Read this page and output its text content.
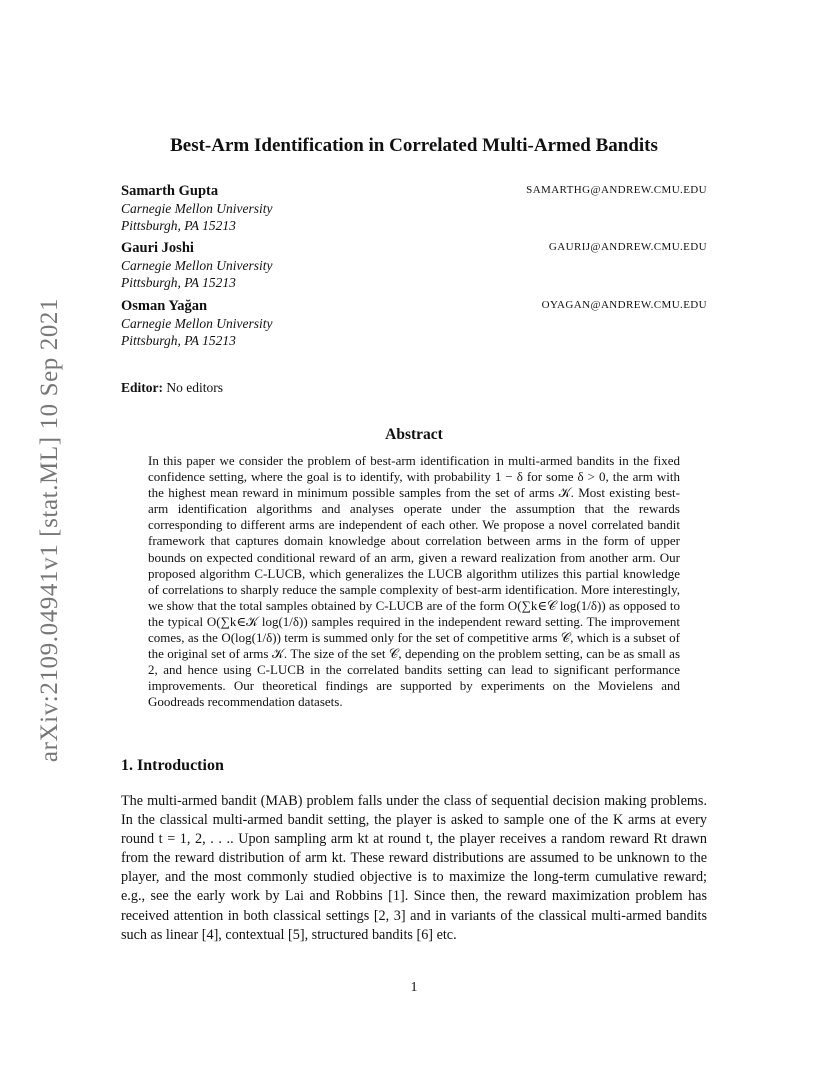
arXiv:2109.04941v1 [stat.ML] 10 Sep 2021
Best-Arm Identification in Correlated Multi-Armed Bandits
Samarth Gupta	SAMARTHG@ANDREW.CMU.EDU
Carnegie Mellon University
Pittsburgh, PA 15213
Gauri Joshi	GAURIJ@ANDREW.CMU.EDU
Carnegie Mellon University
Pittsburgh, PA 15213
Osman Yağan	OYAGAN@ANDREW.CMU.EDU
Carnegie Mellon University
Pittsburgh, PA 15213
Editor: No editors
Abstract
In this paper we consider the problem of best-arm identification in multi-armed bandits in the fixed confidence setting, where the goal is to identify, with probability 1 − δ for some δ > 0, the arm with the highest mean reward in minimum possible samples from the set of arms 𝒦. Most existing best-arm identification algorithms and analyses operate under the assumption that the rewards corresponding to different arms are independent of each other. We propose a novel correlated bandit framework that captures domain knowledge about correlation between arms in the form of upper bounds on expected conditional reward of an arm, given a reward realization from another arm. Our proposed algorithm C-LUCB, which generalizes the LUCB algorithm utilizes this partial knowledge of correlations to sharply reduce the sample complexity of best-arm identification. More interestingly, we show that the total samples obtained by C-LUCB are of the form O(∑k∈𝒞 log(1/δ)) as opposed to the typical O(∑k∈𝒦 log(1/δ)) samples required in the independent reward setting. The improvement comes, as the O(log(1/δ)) term is summed only for the set of competitive arms 𝒞, which is a subset of the original set of arms 𝒦. The size of the set 𝒞, depending on the problem setting, can be as small as 2, and hence using C-LUCB in the correlated bandits setting can lead to significant performance improvements. Our theoretical findings are supported by experiments on the Movielens and Goodreads recommendation datasets.
1. Introduction
The multi-armed bandit (MAB) problem falls under the class of sequential decision making problems. In the classical multi-armed bandit setting, the player is asked to sample one of the K arms at every round t = 1, 2, . . .. Upon sampling arm kt at round t, the player receives a random reward Rt drawn from the reward distribution of arm kt. These reward distributions are assumed to be unknown to the player, and the most commonly studied objective is to maximize the long-term cumulative reward; e.g., see the early work by Lai and Robbins [1]. Since then, the reward maximization problem has received attention in both classical settings [2, 3] and in variants of the classical multi-armed bandits such as linear [4], contextual [5], structured bandits [6] etc.
1
